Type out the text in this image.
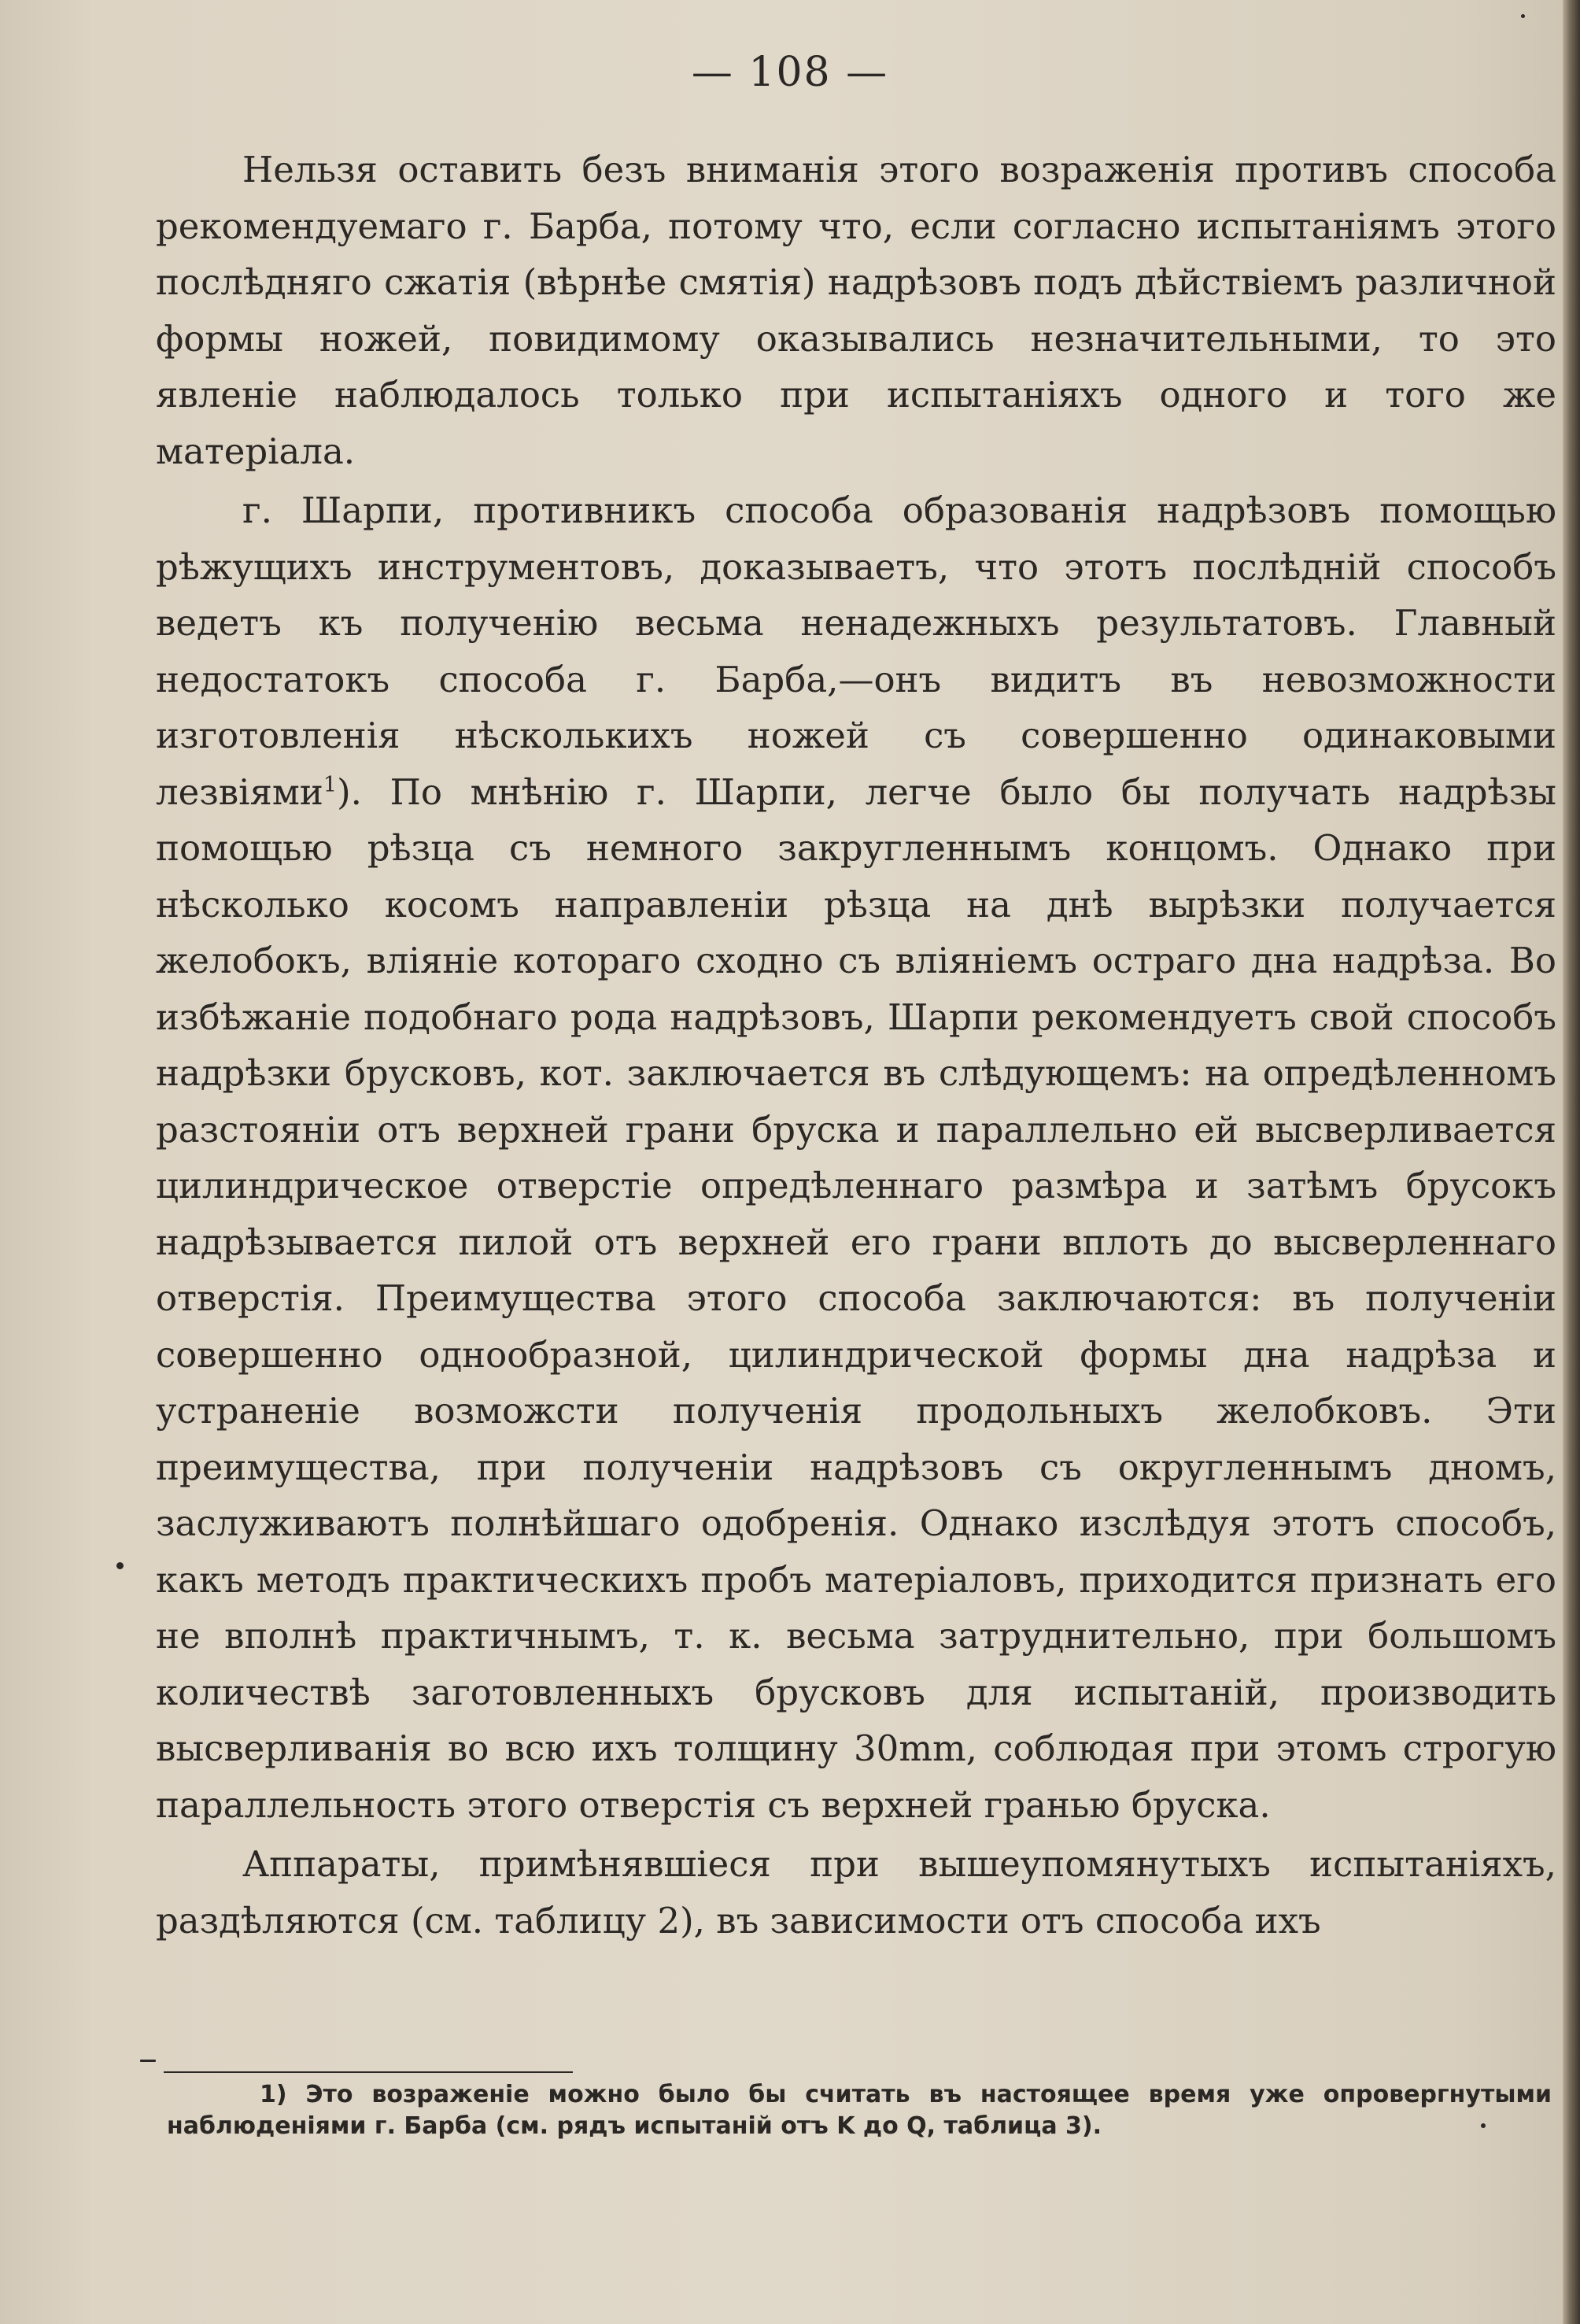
— 108 —

Нельзя оставить безъ вниманія этого возраженія противъ способа рекомендуемаго г. Барба, потому что, если согласно испытаніямъ этого послѣдняго сжатія (вѣрнѣе смятія) надрѣзовъ подъ дѣйствіемъ различной формы ножей, повидимому оказывались незначительными, то это явленіе наблюдалось только при испытаніяхъ одного и того же матеріала.

г. Шарпи, противникъ способа образованія надрѣзовъ помощью рѣжущихъ инструментовъ, доказываетъ, что этотъ послѣдній способъ ведетъ къ полученію весьма ненадежныхъ результатовъ. Главный недостатокъ способа г. Барба,—онъ видитъ въ невозможности изготовленія нѣсколькихъ ножей съ совершенно одинаковыми лезвіями$^1$). По мнѣнію г. Шарпи, легче было бы получать надрѣзы помощью рѣзца съ немного закругленнымъ концомъ. Однако при нѣсколько косомъ направленіи рѣзца на днѣ вырѣзки получается желобокъ, вліяніе котораго сходно съ вліяніемъ остраго дна надрѣза. Во избѣжаніе подобнаго рода надрѣзовъ, Шарпи рекомендуетъ свой способъ надрѣзки брусковъ, кот. заключается въ слѣдующемъ: на опредѣленномъ разстояніи отъ верхней грани бруска и параллельно ей высверливается цилиндрическое отверстіе опредѣленнаго размѣра и затѣмъ брусокъ надрѣзывается пилой отъ верхней его грани вплоть до высверленнаго отверстія. Преимущества этого способа заключаются: въ полученіи совершенно однообразной, цилиндрической формы дна надрѣза и устраненіе возможсти полученія продольныхъ желобковъ. Эти преимущества, при полученіи надрѣзовъ съ округленнымъ дномъ, заслуживаютъ полнѣйшаго одобренія. Однако изслѣдуя этотъ способъ, какъ методъ практическихъ пробъ матеріаловъ, приходится признать его не вполнѣ практичнымъ, т. к. весьма затруднительно, при большомъ количествѣ заготовленныхъ брусковъ для испытаній, производить высверливанія во всю ихъ толщину 30mm, соблюдая при этомъ строгую параллельность этого отверстія съ верхней гранью бруска.

Аппараты, примѣнявшіеся при вышеупомянутыхъ испытаніяхъ, раздѣляются (см. таблицу 2), въ зависимости отъ способа ихъ

1) Это возраженіе можно было бы считать въ настоящее время уже опровергнутыми наблюденіями г. Барба (см. рядъ испытаній отъ K до Q, таблица 3).
